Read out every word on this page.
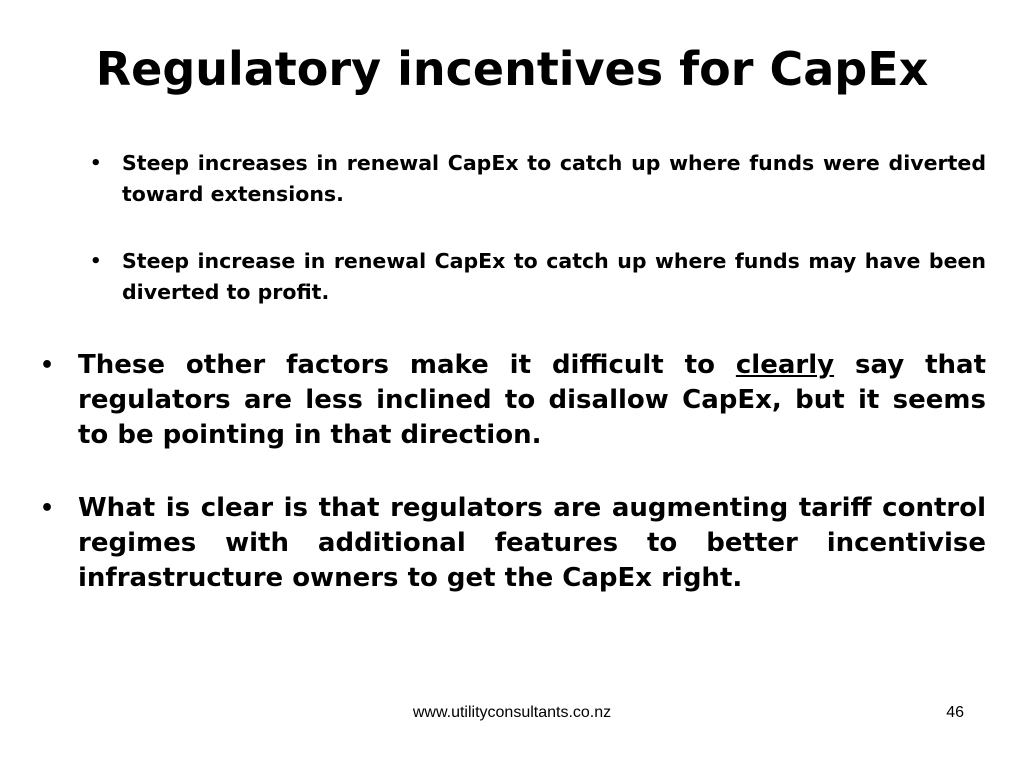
Regulatory incentives for CapEx
• Steep increases in renewal CapEx to catch up where funds were diverted toward extensions.
• Steep increase in renewal CapEx to catch up where funds may have been diverted to profit.
• These other factors make it difficult to clearly say that regulators are less inclined to disallow CapEx, but it seems to be pointing in that direction.
• What is clear is that regulators are augmenting tariff control regimes with additional features to better incentivise infrastructure owners to get the CapEx right.
www.utilityconsultants.co.nz	46
